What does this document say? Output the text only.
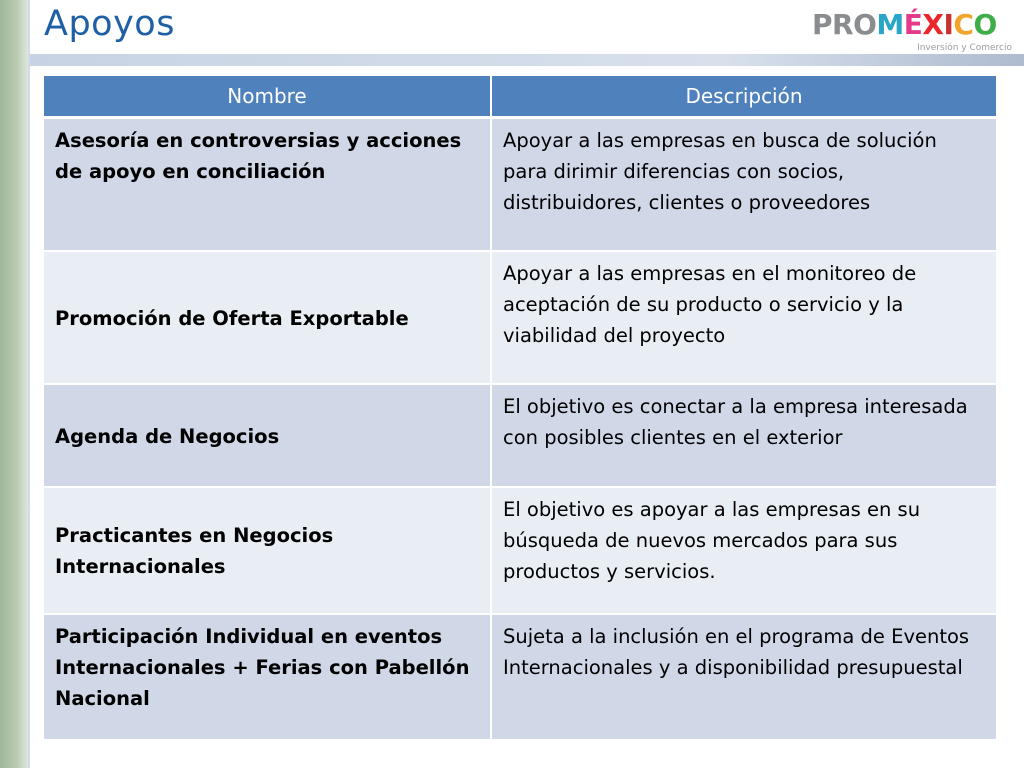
Apoyos	PROMÉXICO
Inversión y Comercio
Nombre	Descripción
Asesoría en controversias y acciones de apoyo en conciliación	Apoyar a las empresas en busca de solución para dirimir diferencias con socios, distribuidores, clientes o proveedores
Promoción de Oferta Exportable	Apoyar a las empresas en el monitoreo de aceptación de su producto o servicio y la viabilidad del proyecto
Agenda de Negocios	El objetivo es conectar a la empresa interesada con posibles clientes en el exterior
Practicantes en Negocios Internacionales	El objetivo es apoyar a las empresas en su búsqueda de nuevos mercados para sus productos y servicios.
Participación Individual en eventos Internacionales + Ferias con Pabellón Nacional	Sujeta a la inclusión en el programa de Eventos Internacionales y a disponibilidad presupuestal
